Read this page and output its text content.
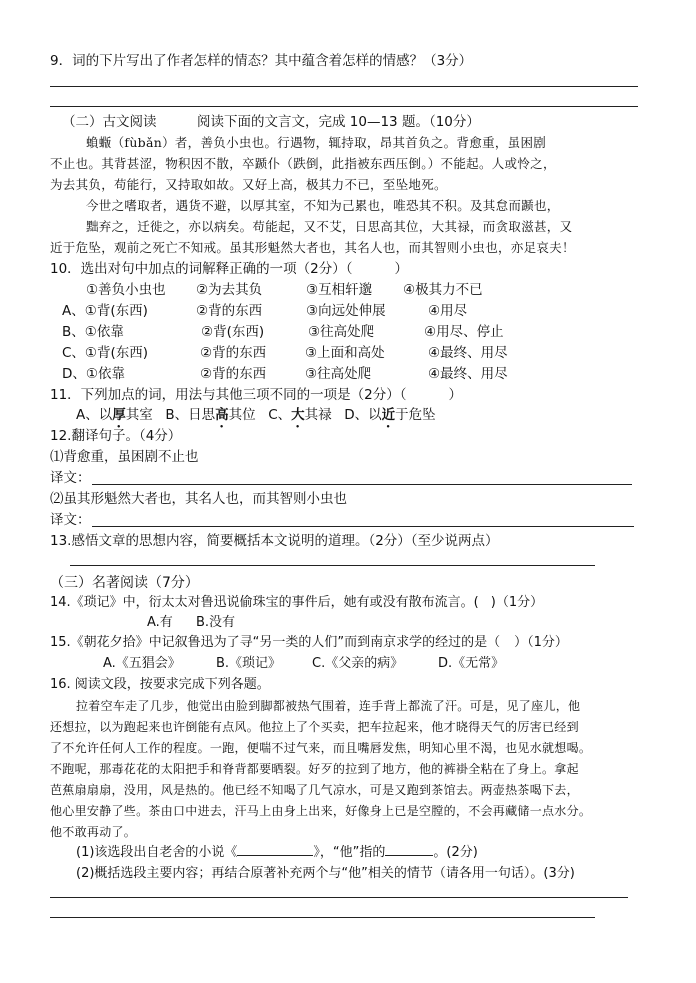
9．词的下片写出了作者怎样的情态？其中蕴含着怎样的情感？（3分）
（二）古文阅读	阅读下面的文言文，完成 10—13 题。（10分）
蝜蝂（fùbǎn）者，善负小虫也。行遇物，辄持取，昂其首负之。背愈重，虽困剧
不止也。其背甚涩，物积因不散，卒踬仆（跌倒，此指被东西压倒。）不能起。人或怜之，
为去其负，苟能行，又持取如故。又好上高，极其力不已，至坠地死。
今世之嗜取者，遇货不避，以厚其室，不知为己累也，唯恐其不积。及其怠而踬也，
黜弃之，迁徙之，亦以病矣。苟能起，又不艾，日思高其位，大其禄，而贪取滋甚，又
近于危坠，观前之死亡不知戒。虽其形魁然大者也，其名人也，而其智则小虫也，亦足哀夫！
10．选出对句中加点的词解释正确的一项（2分）（	）
①善负小虫也 ②为去其负	③互相轩邈 ④极其力不已
A、①背(东西)	②背的东西	③向远处伸展	④用尽
B、①依靠	②背(东西)	③往高处爬	④用尽、停止
C、①背(东西)	②背的东西	③上面和高处	④最终、用尽
D、①依靠	②背的东西	③往高处爬	④最终、用尽
11．下列加点的词，用法与其他三项不同的一项是（2分）（	）
A、以厚其室 B、日思高其位 C、大其禄 D、以近于危坠
12.翻译句子。（4分）
⑴背愈重，虽困剧不止也
译文：
⑵虽其形魁然大者也，其名人也，而其智则小虫也
译文：
13.感悟文章的思想内容，简要概括本文说明的道理。（2分）（至少说两点）
（三）名著阅读（7分）
14.《琐记》中，衍太太对鲁迅说偷珠宝的事件后，她有或没有散布流言。( )（1分）
A.有 B.没有
15.《朝花夕拾》中记叙鲁迅为了寻“另一类的人们”而到南京求学的经过的是（ ）（1分）
A.《五猖会》	B.《琐记》 C.《父亲的病》	D.《无常》
16. 阅读文段，按要求完成下列各题。
拉着空车走了几步，他觉出由脸到脚都被热气围着，连手背上都流了汗。可是，见了座儿，他
还想拉，以为跑起来也许倒能有点风。他拉上了个买卖，把车拉起来，他才晓得天气的厉害已经到
了不允许任何人工作的程度。一跑，便喘不过气来，而且嘴唇发焦，明知心里不渴，也见水就想喝。
不跑呢，那毒花花的太阳把手和脊背都要晒裂。好歹的拉到了地方，他的裤褂全粘在了身上。拿起
芭蕉扇扇扇，没用，风是热的。他已经不知喝了几气凉水，可是又跑到茶馆去。两壶热茶喝下去，
他心里安静了些。茶由口中进去，汗马上由身上出来，好像身上已是空膛的，不会再藏储一点水分。
他不敢再动了。
(1)该选段出自老舍的小说《	》，“他”指的	。(2分)
(2)概括选段主要内容；再结合原著补充两个与“他”相关的情节（请各用一句话）。(3分)
